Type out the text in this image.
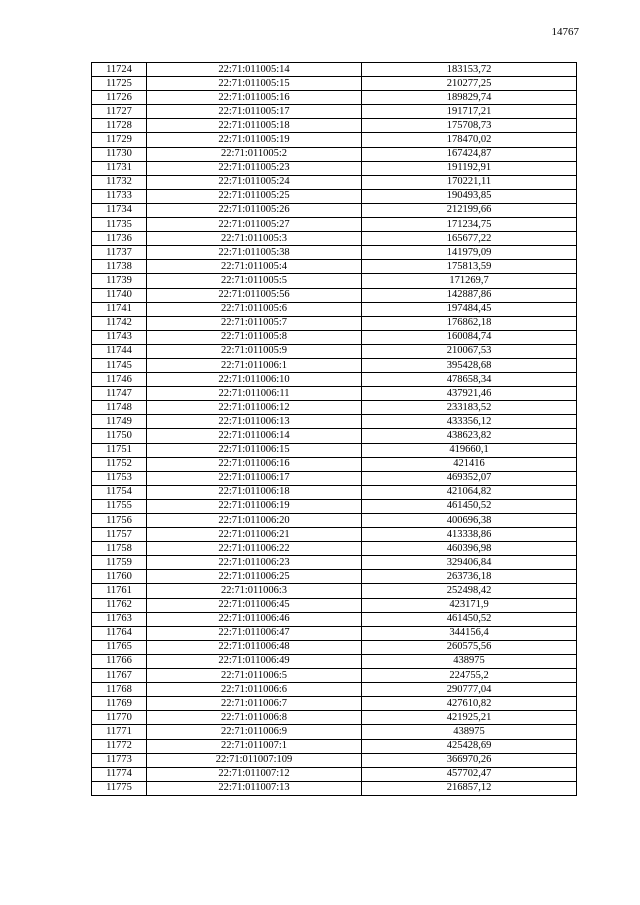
14767
11724	22:71:011005:14	183153,72
11725	22:71:011005:15	210277,25
11726	22:71:011005:16	189829,74
11727	22:71:011005:17	191717,21
11728	22:71:011005:18	175708,73
11729	22:71:011005:19	178470,02
11730	22:71:011005:2	167424,87
11731	22:71:011005:23	191192,91
11732	22:71:011005:24	170221,11
11733	22:71:011005:25	190493,85
11734	22:71:011005:26	212199,66
11735	22:71:011005:27	171234,75
11736	22:71:011005:3	165677,22
11737	22:71:011005:38	141979,09
11738	22:71:011005:4	175813,59
11739	22:71:011005:5	171269,7
11740	22:71:011005:56	142887,86
11741	22:71:011005:6	197484,45
11742	22:71:011005:7	176862,18
11743	22:71:011005:8	160084,74
11744	22:71:011005:9	210067,53
11745	22:71:011006:1	395428,68
11746	22:71:011006:10	478658,34
11747	22:71:011006:11	437921,46
11748	22:71:011006:12	233183,52
11749	22:71:011006:13	433356,12
11750	22:71:011006:14	438623,82
11751	22:71:011006:15	419660,1
11752	22:71:011006:16	421416
11753	22:71:011006:17	469352,07
11754	22:71:011006:18	421064,82
11755	22:71:011006:19	461450,52
11756	22:71:011006:20	400696,38
11757	22:71:011006:21	413338,86
11758	22:71:011006:22	460396,98
11759	22:71:011006:23	329406,84
11760	22:71:011006:25	263736,18
11761	22:71:011006:3	252498,42
11762	22:71:011006:45	423171,9
11763	22:71:011006:46	461450,52
11764	22:71:011006:47	344156,4
11765	22:71:011006:48	260575,56
11766	22:71:011006:49	438975
11767	22:71:011006:5	224755,2
11768	22:71:011006:6	290777,04
11769	22:71:011006:7	427610,82
11770	22:71:011006:8	421925,21
11771	22:71:011006:9	438975
11772	22:71:011007:1	425428,69
11773	22:71:011007:109	366970,26
11774	22:71:011007:12	457702,47
11775	22:71:011007:13	216857,12
